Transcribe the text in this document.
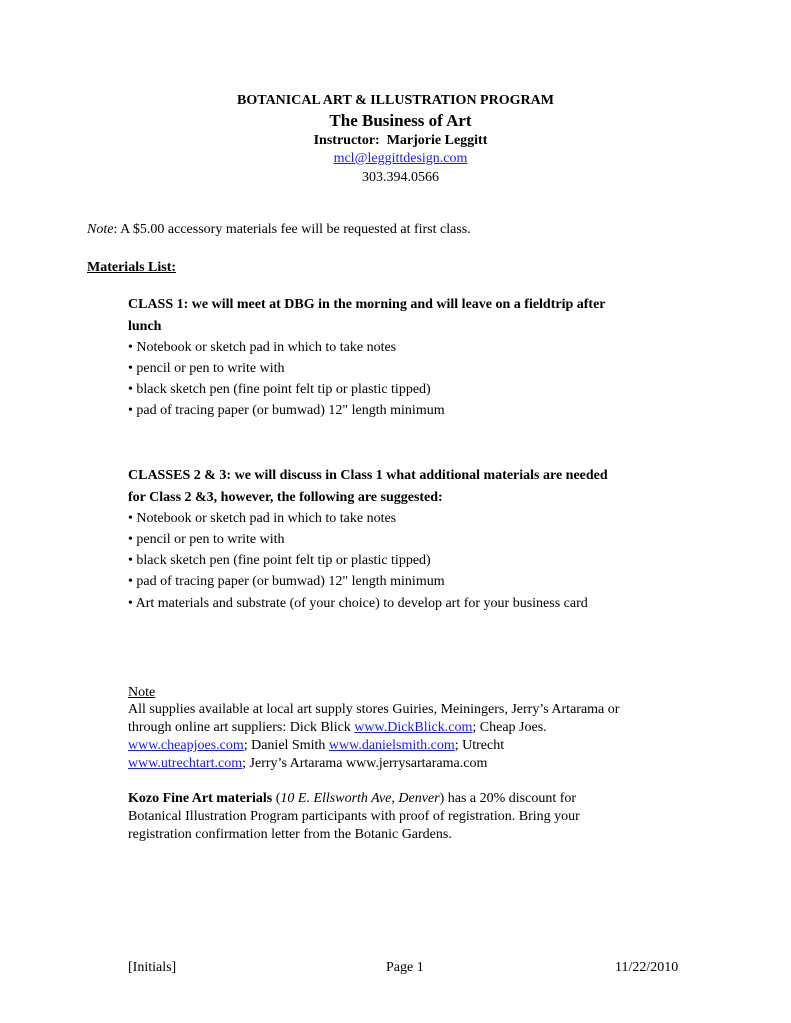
BOTANICAL ART & ILLUSTRATION PROGRAM
The Business of Art
Instructor: Marjorie Leggitt
mcl@leggittdesign.com
303.394.0566
Note: A $5.00 accessory materials fee will be requested at first class.
Materials List:
CLASS 1: we will meet at DBG in the morning and will leave on a fieldtrip after
lunch
• Notebook or sketch pad in which to take notes
• pencil or pen to write with
• black sketch pen (fine point felt tip or plastic tipped)
• pad of tracing paper (or bumwad) 12" length minimum
CLASSES 2 & 3: we will discuss in Class 1 what additional materials are needed
for Class 2 &3, however, the following are suggested:
• Notebook or sketch pad in which to take notes
• pencil or pen to write with
• black sketch pen (fine point felt tip or plastic tipped)
• pad of tracing paper (or bumwad) 12" length minimum
• Art materials and substrate (of your choice) to develop art for your business card
Note
All supplies available at local art supply stores Guiries, Meiningers, Jerry’s Artarama or
through online art suppliers: Dick Blick www.DickBlick.com; Cheap Joes.
www.cheapjoes.com; Daniel Smith www.danielsmith.com; Utrecht
www.utrechtart.com; Jerry’s Artarama www.jerrysartarama.com
Kozo Fine Art materials (10 E. Ellsworth Ave, Denver) has a 20% discount for
Botanical Illustration Program participants with proof of registration. Bring your
registration confirmation letter from the Botanic Gardens.
[Initials]	Page 1	11/22/2010
